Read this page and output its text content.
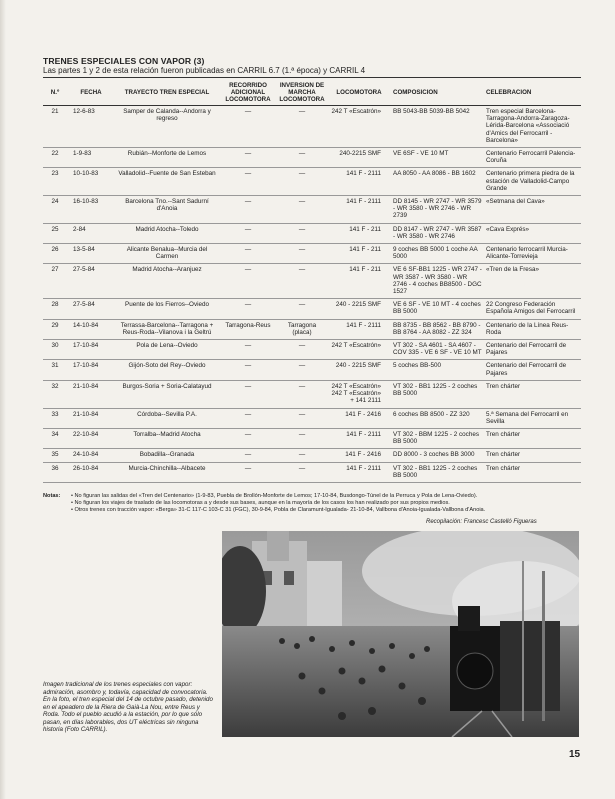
TRENES ESPECIALES CON VAPOR (3)
Las partes 1 y 2 de esta relación fueron publicadas en CARRIL 6.7 (1.ª época) y CARRIL 4
N.º	FECHA	TRAYECTO TREN ESPECIAL	RECORRIDO ADICIONAL LOCOMOTORA	INVERSION DE MARCHA LOCOMOTORA	LOCOMOTORA	COMPOSICION	CELEBRACION
21	12-6-83	Samper de Calanda--Andorra y regreso	—	—	242 T «Escatrón»	BB 5043-BB 5039-BB 5042	Tren especial Barcelona-Tarragona-Andorra-Zaragoza-Lérida-Barcelona «Associació d'Amics del Ferrocarril - Barcelona»
22	1-9-83	Rubián--Monforte de Lemos	—	—	240-2215 SMF	VE 6SF - VE 10 MT	Centenario Ferrocarril Palencia-Coruña
23	10-10-83	Valladolid--Fuente de San Esteban	—	—	141 F - 2111	AA 8050 - AA 8086 - BB 1602	Centenario primera piedra de la estación de Valladolid-Campo Grande
24	16-10-83	Barcelona Tno.--Sant Sadurní d'Anoia	—	—	141 F - 2111	DD 8145 - WR 2747 - WR 3579 - WR 3580 - WR 2746 - WR 2739	«Setmana del Cava»
25	2-84	Madrid Atocha--Toledo	—	—	141 F - 211	DD 8147 - WR 2747 - WR 3587 - WR 3580 - WR 2746	«Cava Exprés»
26	13-5-84	Alicante Benalua--Murcia del Carmen	—	—	141 F - 211	9 coches BB 5000 1 coche AA 5000	Centenario ferrocarril Murcia-Alicante-Torrevieja
27	27-5-84	Madrid Atocha--Aranjuez	—	—	141 F - 211	VE 6 SF-BB1 1225 - WR 2747 - WR 3587 - WR 3580 - WR 2746 - 4 coches BB8500 - DGC 1527	«Tren de la Fresa»
28	27-5-84	Puente de los Fierros--Oviedo	—	—	240 - 2215 SMF	VE 6 SF - VE 10 MT - 4 coches BB 5000	22 Congreso Federación Española Amigos del Ferrocarril
29	14-10-84	Terrassa-Barcelona--Tarragona + Reus-Roda--Vilanova i la Geltrú	Tarragona-Reus	Tarragona (placa)	141 F - 2111	BB 8735 - BB 8562 - BB 8790 - BB 8764 - AA 8082 - ZZ 324	Centenario de la Línea Reus-Roda
30	17-10-84	Pola de Lena--Oviedo	—	—	242 T «Escatrón»	VT 302 - SA 4601 - SA 4607 - COV 335 - VE 6 SF - VE 10 MT	Centenario del Ferrocarril de Pajares
31	17-10-84	Gijón-Soto del Rey--Oviedo	—	—	240 - 2215 SMF	5 coches BB-500	Centenario del Ferrocarril de Pajares
32	21-10-84	Burgos-Soria + Soria-Calatayud	—	—	242 T «Escatrón» 242 T «Escatrón» + 141 2111	VT 302 - BB1 1225 - 2 coches BB 5000	Tren chárter
33	21-10-84	Córdoba--Sevilla P.A.	—	—	141 F - 2416	6 coches BB 8500 - ZZ 320	5.ª Semana del Ferrocarril en Sevilla
34	22-10-84	Torralba--Madrid Atocha	—	—	141 F - 2111	VT 302 - BBM 1225 - 2 coches BB 5000	Tren chárter
35	24-10-84	Bobadilla--Granada	—	—	141 F - 2416	DD 8000 - 3 coches BB 3000	Tren chárter
36	26-10-84	Murcia-Chinchilla--Albacete	—	—	141 F - 2111	VT 302 - BB1 1225 - 2 coches BB 5000	Tren chárter
Notas: • No figuran las salidas del «Tren del Centenario» (1-9-83, Puebla de Brollón-Monforte de Lemos; 17-10-84, Busdongo-Túnel de la Perruca y Pola de Lena-Oviedo).
• No figuran los viajes de traslado de las locomotoras a y desde sus bases, aunque en la mayoría de los casos los han realizado por sus propios medios.
• Otros trenes con tracción vapor: «Berga» 31-C 117-C 103-C 31 (FGC), 30-9-84, Pobla de Claramunt-Igualada- 21-10-84, Vallbona d'Anoia-Igualada-Vallbona d'Anoia.
Recopilación: Francesc Castelló Figueras
Imagen tradicional de los trenes especiales con vapor: admiración, asombro y, todavía, capacidad de convocatoria. En la foto, el tren especial del 14 de octubre pasado, detenido en el apeadero de la Riera de Gaià-La Nou, entre Reus y Roda. Todo el pueblo acudió a la estación, por lo que sólo pasan, en días laborables, dos UT eléctricas sin ninguna historia (Foto CARRIL).
15
